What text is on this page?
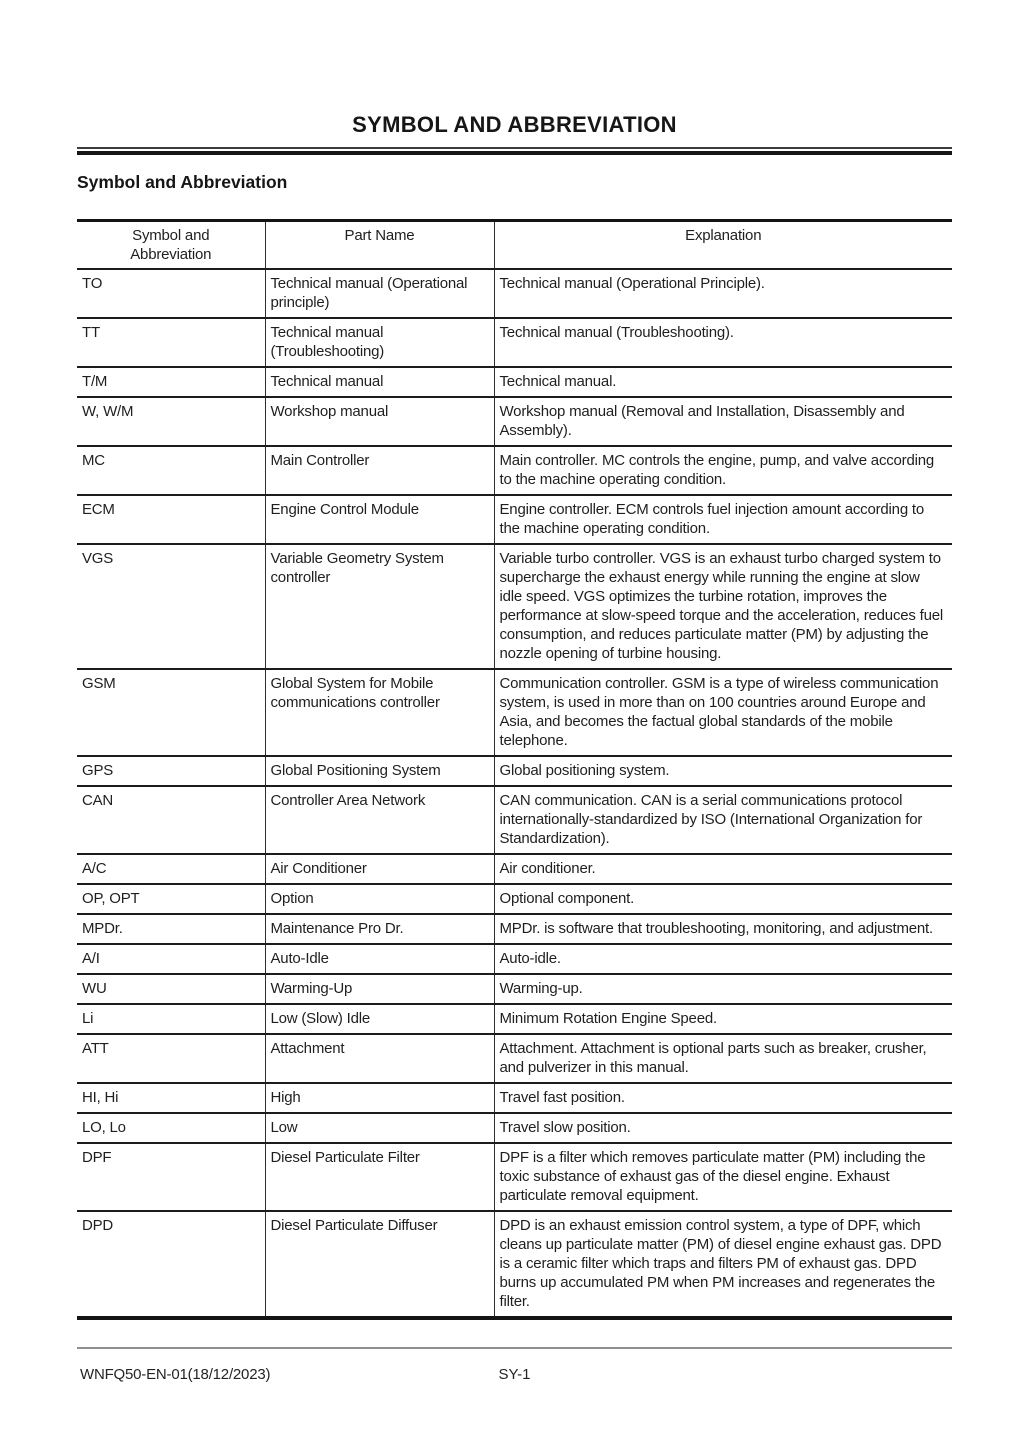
SYMBOL AND ABBREVIATION
Symbol and Abbreviation
Symbol and Abbreviation	Part Name	Explanation
TO	Technical manual (Operational principle)	Technical manual (Operational Principle).
TT	Technical manual (Troubleshooting)	Technical manual (Troubleshooting).
T/M	Technical manual	Technical manual.
W, W/M	Workshop manual	Workshop manual (Removal and Installation, Disassembly and Assembly).
MC	Main Controller	Main controller. MC controls the engine, pump, and valve according to the machine operating condition.
ECM	Engine Control Module	Engine controller. ECM controls fuel injection amount according to the machine operating condition.
VGS	Variable Geometry System controller	Variable turbo controller. VGS is an exhaust turbo charged system to supercharge the exhaust energy while running the engine at slow idle speed. VGS optimizes the turbine rotation, improves the performance at slow-speed torque and the acceleration, reduces fuel consumption, and reduces particulate matter (PM) by adjusting the nozzle opening of turbine housing.
GSM	Global System for Mobile communications controller	Communication controller. GSM is a type of wireless communication system, is used in more than on 100 countries around Europe and Asia, and becomes the factual global standards of the mobile telephone.
GPS	Global Positioning System	Global positioning system.
CAN	Controller Area Network	CAN communication. CAN is a serial communications protocol internationally-standardized by ISO (International Organization for Standardization).
A/C	Air Conditioner	Air conditioner.
OP, OPT	Option	Optional component.
MPDr.	Maintenance Pro Dr.	MPDr. is software that troubleshooting, monitoring, and adjustment.
A/I	Auto-Idle	Auto-idle.
WU	Warming-Up	Warming-up.
Li	Low (Slow) Idle	Minimum Rotation Engine Speed.
ATT	Attachment	Attachment. Attachment is optional parts such as breaker, crusher, and pulverizer in this manual.
HI, Hi	High	Travel fast position.
LO, Lo	Low	Travel slow position.
DPF	Diesel Particulate Filter	DPF is a filter which removes particulate matter (PM) including the toxic substance of exhaust gas of the diesel engine. Exhaust particulate removal equipment.
DPD	Diesel Particulate Diffuser	DPD is an exhaust emission control system, a type of DPF, which cleans up particulate matter (PM) of diesel engine exhaust gas. DPD is a ceramic filter which traps and filters PM of exhaust gas. DPD burns up accumulated PM when PM increases and regenerates the filter.
WNFQ50-EN-01(18/12/2023)	SY-1
